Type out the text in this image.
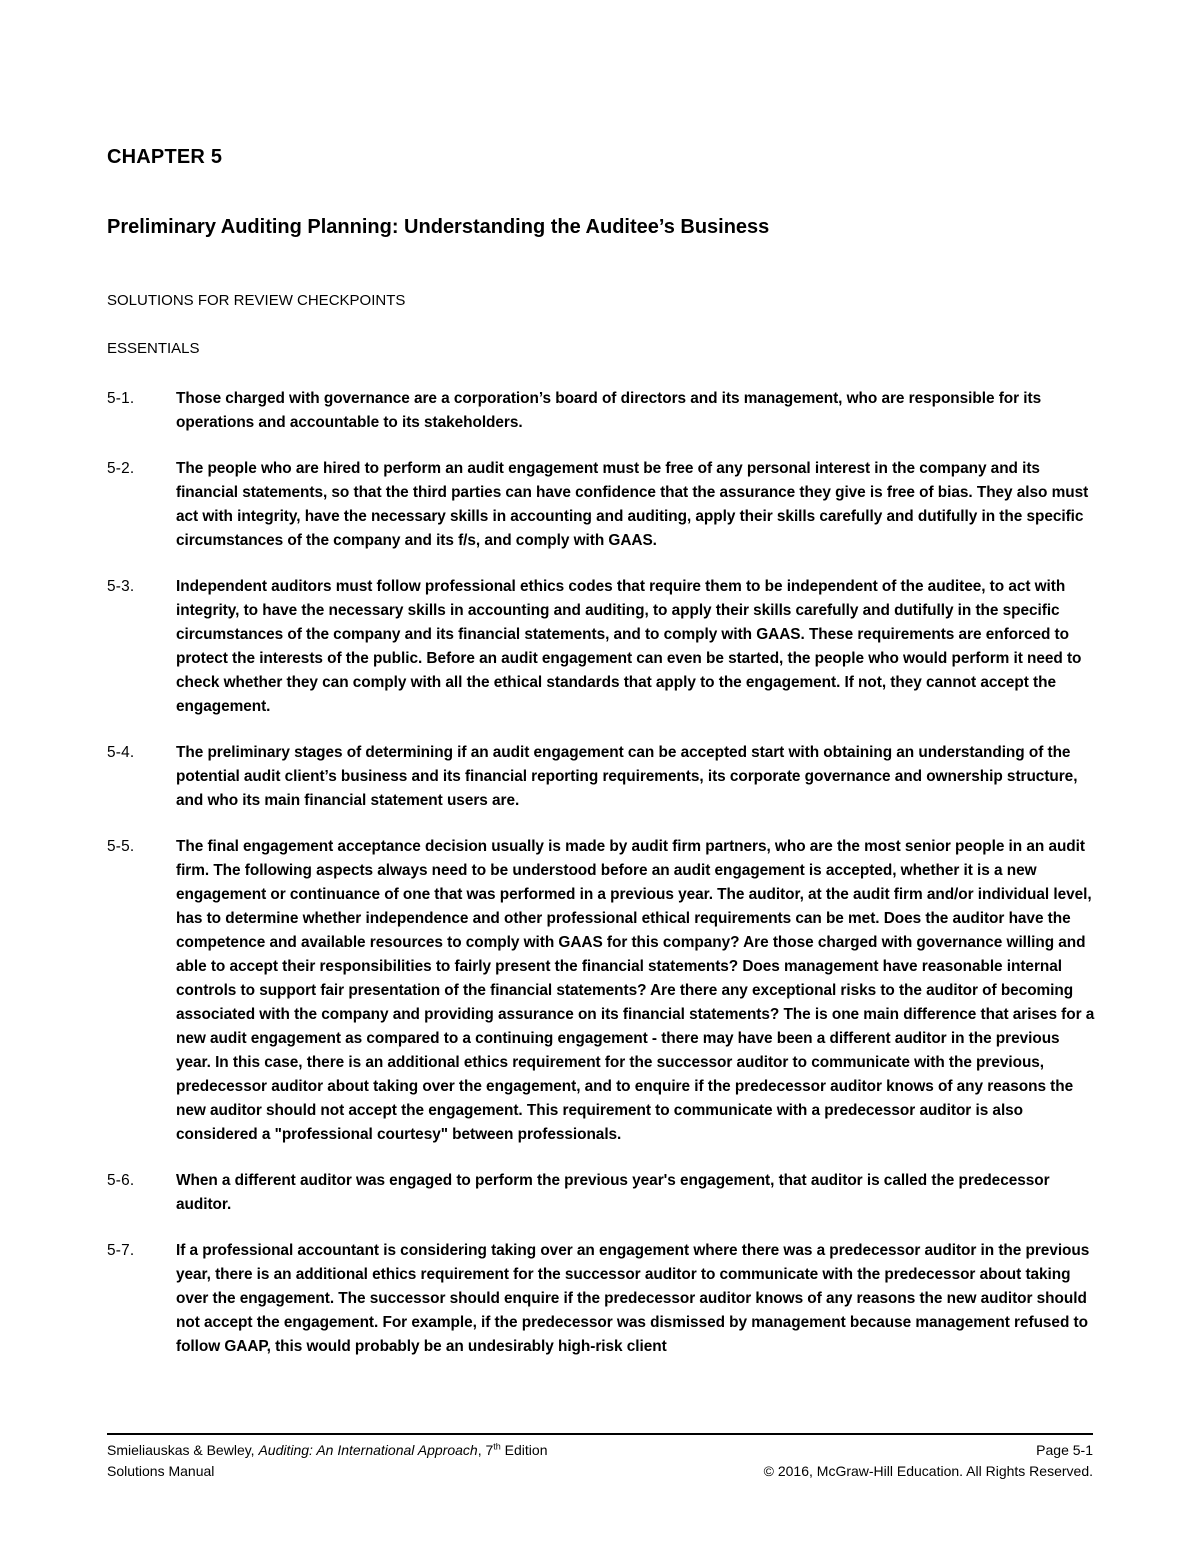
CHAPTER 5
Preliminary Auditing Planning: Understanding the Auditee’s Business
SOLUTIONS FOR REVIEW CHECKPOINTS
ESSENTIALS
5-1.	Those charged with governance are a corporation’s board of directors and its management, who are responsible for its operations and accountable to its stakeholders.
5-2.	The people who are hired to perform an audit engagement must be free of any personal interest in the company and its financial statements, so that the third parties can have confidence that the assurance they give is free of bias. They also must act with integrity, have the necessary skills in accounting and auditing, apply their skills carefully and dutifully in the specific circumstances of the company and its f/s, and comply with GAAS.
5-3.	Independent auditors must follow professional ethics codes that require them to be independent of the auditee, to act with integrity, to have the necessary skills in accounting and auditing, to apply their skills carefully and dutifully in the specific circumstances of the company and its financial statements, and to comply with GAAS. These requirements are enforced to protect the interests of the public. Before an audit engagement can even be started, the people who would perform it need to check whether they can comply with all the ethical standards that apply to the engagement. If not, they cannot accept the engagement.
5-4.	The preliminary stages of determining if an audit engagement can be accepted start with obtaining an understanding of the potential audit client’s business and its financial reporting requirements, its corporate governance and ownership structure, and who its main financial statement users are.
5-5.	The final engagement acceptance decision usually is made by audit firm partners, who are the most senior people in an audit firm. The following aspects always need to be understood before an audit engagement is accepted, whether it is a new engagement or continuance of one that was performed in a previous year. The auditor, at the audit firm and/or individual level, has to determine whether independence and other professional ethical requirements can be met. Does the auditor have the competence and available resources to comply with GAAS for this company? Are those charged with governance willing and able to accept their responsibilities to fairly present the financial statements? Does management have reasonable internal controls to support fair presentation of the financial statements? Are there any exceptional risks to the auditor of becoming associated with the company and providing assurance on its financial statements? The is one main difference that arises for a new audit engagement as compared to a continuing engagement - there may have been a different auditor in the previous year. In this case, there is an additional ethics requirement for the successor auditor to communicate with the previous, predecessor auditor about taking over the engagement, and to enquire if the predecessor auditor knows of any reasons the new auditor should not accept the engagement. This requirement to communicate with a predecessor auditor is also considered a "professional courtesy" between professionals.
5-6.	When a different auditor was engaged to perform the previous year's engagement, that auditor is called the predecessor auditor.
5-7.	If a professional accountant is considering taking over an engagement where there was a predecessor auditor in the previous year, there is an additional ethics requirement for the successor auditor to communicate with the predecessor about taking over the engagement. The successor should enquire if the predecessor auditor knows of any reasons the new auditor should not accept the engagement. For example, if the predecessor was dismissed by management because management refused to follow GAAP, this would probably be an undesirably high-risk client
Smieliauskas & Bewley, Auditing: An International Approach, 7th Edition	Page 5-1
Solutions Manual	© 2016, McGraw-Hill Education. All Rights Reserved.
